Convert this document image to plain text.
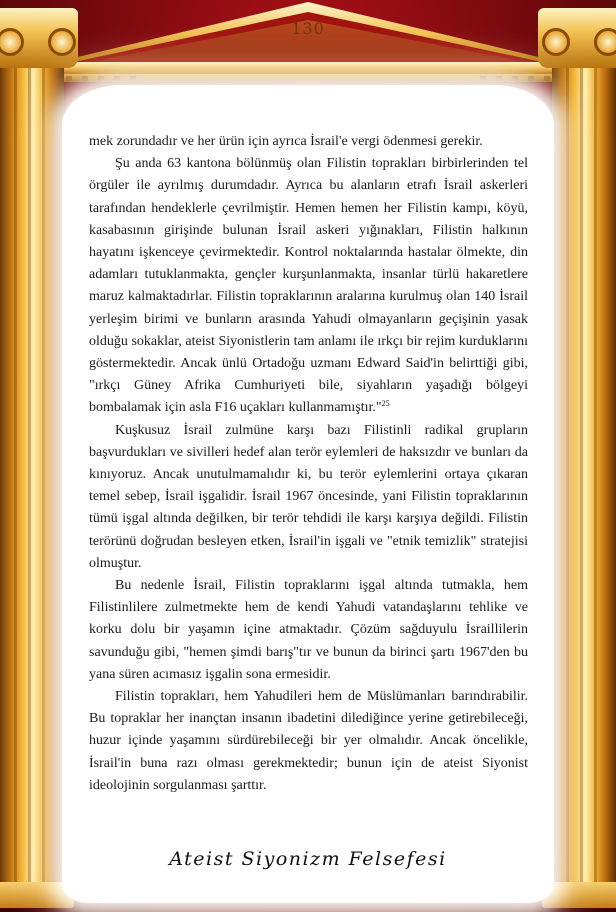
130

mek zorundadır ve her ürün için ayrıca İsrail'e vergi ödenmesi gerekir.

Şu anda 63 kantona bölünmüş olan Filistin toprakları birbirlerinden tel örgüler ile ayrılmış durumdadır. Ayrıca bu alanların etrafı İsrail askerleri tarafından hendeklerle çevrilmiştir. Hemen hemen her Filistin kampı, köyü, kasabasının girişinde bulunan İsrail askeri yığınakları, Filistin halkının hayatını işkenceye çevirmektedir. Kontrol noktalarında hastalar ölmekte, din adamları tutuklanmakta, gençler kurşunlanmakta, insanlar türlü hakaretlere maruz kalmaktadırlar. Filistin topraklarının aralarına kurulmuş olan 140 İsrail yerleşim birimi ve bunların arasında Yahudi olmayanların geçişinin yasak olduğu sokaklar, ateist Siyonistlerin tam anlamı ile ırkçı bir rejim kurduklarını göstermektedir. Ancak ünlü Ortadoğu uzmanı Edward Said'in belirttiği gibi, "ırkçı Güney Afrika Cumhuriyeti bile, siyahların yaşadığı bölgeyi bombalamak için asla F16 uçakları kullanmamıştır."$^{25}$

Kuşkusuz İsrail zulmüne karşı bazı Filistinli radikal grupların başvurdukları ve sivilleri hedef alan terör eylemleri de haksızdır ve bunları da kınıyoruz. Ancak unutulmamalıdır ki, bu terör eylemlerini ortaya çıkaran temel sebep, İsrail işgalidir. İsrail 1967 öncesinde, yani Filistin topraklarının tümü işgal altında değilken, bir terör tehdidi ile karşı karşıya değildi. Filistin terörünü doğrudan besleyen etken, İsrail'in işgali ve "etnik temizlik" stratejisi olmuştur.

Bu nedenle İsrail, Filistin topraklarını işgal altında tutmakla, hem Filistinlilere zulmetmekte hem de kendi Yahudi vatandaşlarını tehlike ve korku dolu bir yaşamın içine atmaktadır. Çözüm sağduyulu İsraillilerin savunduğu gibi, "hemen şimdi barış"tır ve bunun da birinci şartı 1967'den bu yana süren acımasız işgalin sona ermesidir.

Filistin toprakları, hem Yahudileri hem de Müslümanları barındırabilir. Bu topraklar her inançtan insanın ibadetini dilediğince yerine getirebileceği, huzur içinde yaşamını sürdürebileceği bir yer olmalıdır. Ancak öncelikle, İsrail'in buna razı olması gerekmektedir; bunun için de ateist Siyonist ideolojinin sorgulanması şarttır.

Ateist Siyonizm Felsefesi
